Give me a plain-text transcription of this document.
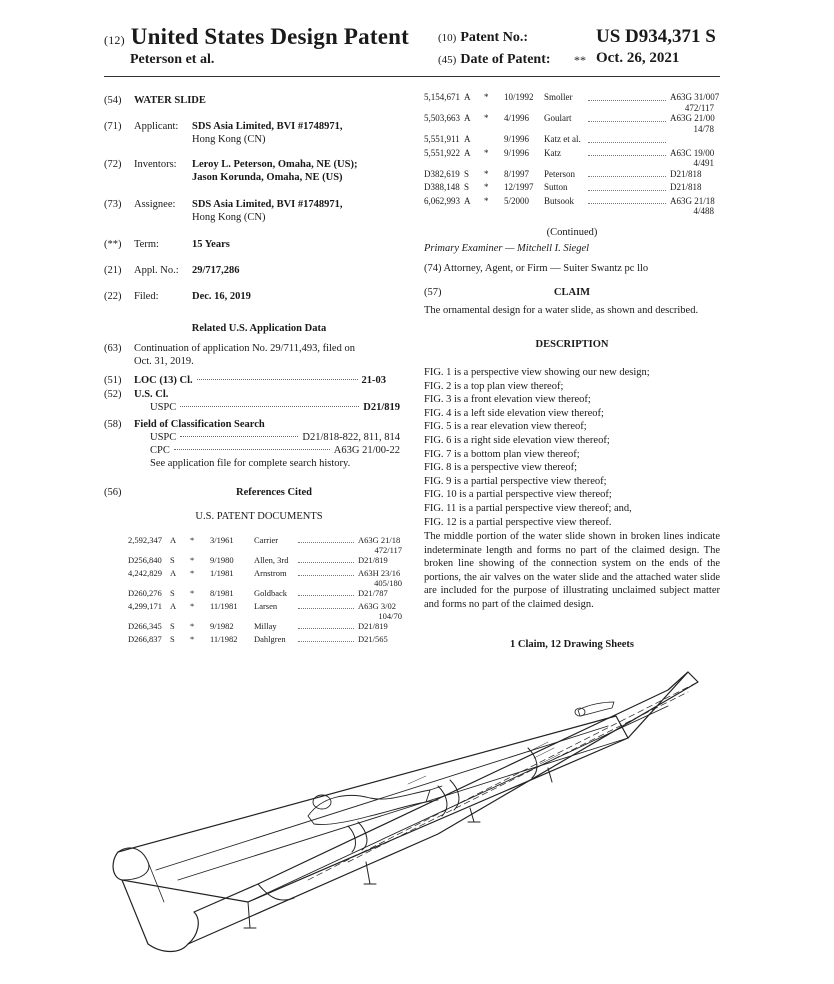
(12) United States Design Patent
Peterson et al.
(10) Patent No.:	US D934,371 S
(45) Date of Patent: ** Oct. 26, 2021
(54)	WATER SLIDE
(71)	Applicant:	SDS Asia Limited, BVI #1748971,
Hong Kong (CN)
(72)	Inventors:	Leroy L. Peterson, Omaha, NE (US);
Jason Korunda, Omaha, NE (US)
(73)	Assignee:	SDS Asia Limited, BVI #1748971,
Hong Kong (CN)
(**)	Term:	15 Years
(21)	Appl. No.:	29/717,286
(22)	Filed:	Dec. 16, 2019
Related U.S. Application Data
(63)	Continuation of application No. 29/711,493, filed on
Oct. 31, 2019.
(51)	LOC (13) Cl.	21-03
(52)	U.S. Cl.
USPC	D21/819
(58)	Field of Classification Search
USPC	D21/818-822, 811, 814
CPC	A63G 21/00-22
See application file for complete search history.
(56)	References Cited
U.S. PATENT DOCUMENTS
2,592,347 A	*	3/1961	Carrier	A63G 21/18
472/117
D256,840 S	*	9/1980	Allen, 3rd	D21/819
4,242,829 A	*	1/1981	Arnstrom	A63H 23/16
405/180
D260,276 S	*	8/1981	Goldback	D21/787
4,299,171 A	*	11/1981	Larsen	A63G 3/02
104/70
D266,345 S	*	9/1982	Millay	D21/819
D266,837 S	*	11/1982	Dahlgren	D21/565
5,154,671 A	*	10/1992	Smoller	A63G 31/007
472/117
5,503,663 A	*	4/1996	Goulart	A63G 21/00
14/78
5,551,911 A	9/1996	Katz et al.
5,551,922 A	*	9/1996	Katz	A63C 19/00
4/491
D382,619 S	*	8/1997	Peterson	D21/818
D388,148 S	*	12/1997	Sutton	D21/818
6,062,993 A	*	5/2000	Butsook	A63G 21/18
4/488
(Continued)
Primary Examiner — Mitchell I. Siegel
(74) Attorney, Agent, or Firm — Suiter Swantz pc llo
(57)	CLAIM
The ornamental design for a water slide, as shown and described.
DESCRIPTION
FIG. 1 is a perspective view showing our new design;
FIG. 2 is a top plan view thereof;
FIG. 3 is a front elevation view thereof;
FIG. 4 is a left side elevation view thereof;
FIG. 5 is a rear elevation view thereof;
FIG. 6 is a right side elevation view thereof;
FIG. 7 is a bottom plan view thereof;
FIG. 8 is a perspective view thereof;
FIG. 9 is a partial perspective view thereof;
FIG. 10 is a partial perspective view thereof;
FIG. 11 is a partial perspective view thereof; and,
FIG. 12 is a partial perspective view thereof.
The middle portion of the water slide shown in broken lines indicate indeterminate length and forms no part of the claimed design. The broken line showing of the connection system on the ends of the portions, the air valves on the water slide and the attached water slide are included for the purpose of illustrating unclaimed subject matter and forms no part of the claimed design.
1 Claim, 12 Drawing Sheets
